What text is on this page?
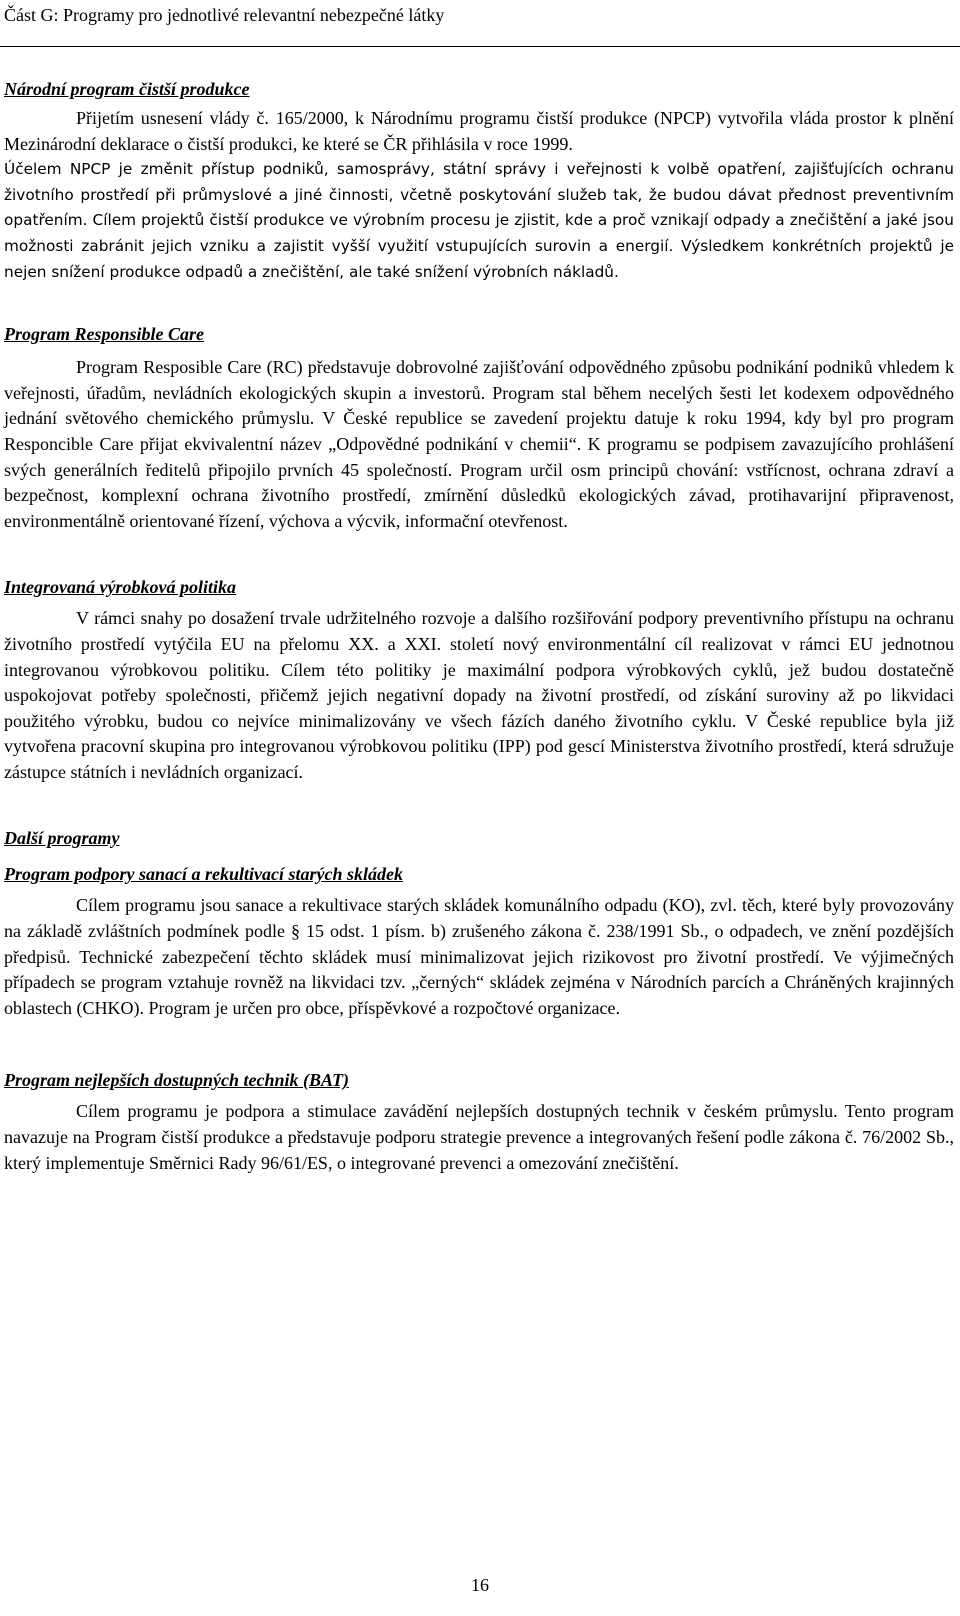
Část G: Programy pro jednotlivé relevantní nebezpečné látky
Národní program čistší produkce

Přijetím usnesení vlády č. 165/2000, k Národnímu programu čistší produkce (NPCP) vytvořila vláda prostor k plnění Mezinárodní deklarace o čistší produkci, ke které se ČR přihlásila v roce 1999.

Účelem NPCP je změnit přístup podniků, samosprávy, státní správy i veřejnosti k volbě opatření, zajišťujících ochranu životního prostředí při průmyslové a jiné činnosti, včetně poskytování služeb tak, že budou dávat přednost preventivním opatřením. Cílem projektů čistší produkce ve výrobním procesu je zjistit, kde a proč vznikají odpady a znečištění a jaké jsou možnosti zabránit jejich vzniku a zajistit vyšší využití vstupujících surovin a energií. Výsledkem konkrétních projektů je nejen snížení produkce odpadů a znečištění, ale také snížení výrobních nákladů.

Program Responsible Care

Program Resposible Care (RC) představuje dobrovolné zajišťování odpovědného způsobu podnikání podniků vhledem k veřejnosti, úřadům, nevládních ekologických skupin a investorů. Program stal během necelých šesti let kodexem odpovědného jednání světového chemického průmyslu. V České republice se zavedení projektu datuje k roku 1994, kdy byl pro program Responcible Care přijat ekvivalentní název „Odpovědné podnikání v chemii“. K programu se podpisem zavazujícího prohlášení svých generálních ředitelů připojilo prvních 45 společností. Program určil osm principů chování: vstřícnost, ochrana zdraví a bezpečnost, komplexní ochrana životního prostředí, zmírnění důsledků ekologických závad, protihavarijní připravenost, environmentálně orientované řízení, výchova a výcvik, informační otevřenost.

Integrovaná výrobková politika

V rámci snahy po dosažení trvale udržitelného rozvoje a dalšího rozšiřování podpory preventivního přístupu na ochranu životního prostředí vytýčila EU na přelomu XX. a XXI. století nový environmentální cíl realizovat v rámci EU jednotnou integrovanou výrobkovou politiku. Cílem této politiky je maximální podpora výrobkových cyklů, jež budou dostatečně uspokojovat potřeby společnosti, přičemž jejich negativní dopady na životní prostředí, od získání suroviny až po likvidaci použitého výrobku, budou co nejvíce minimalizovány ve všech fázích daného životního cyklu. V České republice byla již vytvořena pracovní skupina pro integrovanou výrobkovou politiku (IPP) pod gescí Ministerstva životního prostředí, která sdružuje zástupce státních i nevládních organizací.

Další programy
Program podpory sanací a rekultivací starých skládek

Cílem programu jsou sanace a rekultivace starých skládek komunálního odpadu (KO), zvl. těch, které byly provozovány na základě zvláštních podmínek podle § 15 odst. 1 písm. b) zrušeného zákona č. 238/1991 Sb., o odpadech, ve znění pozdějších předpisů. Technické zabezpečení těchto skládek musí minimalizovat jejich rizikovost pro životní prostředí. Ve výjimečných případech se program vztahuje rovněž na likvidaci tzv. „černých“ skládek zejména v Národních parcích a Chráněných krajinných oblastech (CHKO). Program je určen pro obce, příspěvkové a rozpočtové organizace.

Program nejlepších dostupných technik (BAT)

Cílem programu je podpora a stimulace zavádění nejlepších dostupných technik v českém průmyslu. Tento program navazuje na Program čistší produkce a představuje podporu strategie prevence a integrovaných řešení podle zákona č. 76/2002 Sb., který implementuje Směrnici Rady 96/61/ES, o integrované prevenci a omezování znečištění.

16
